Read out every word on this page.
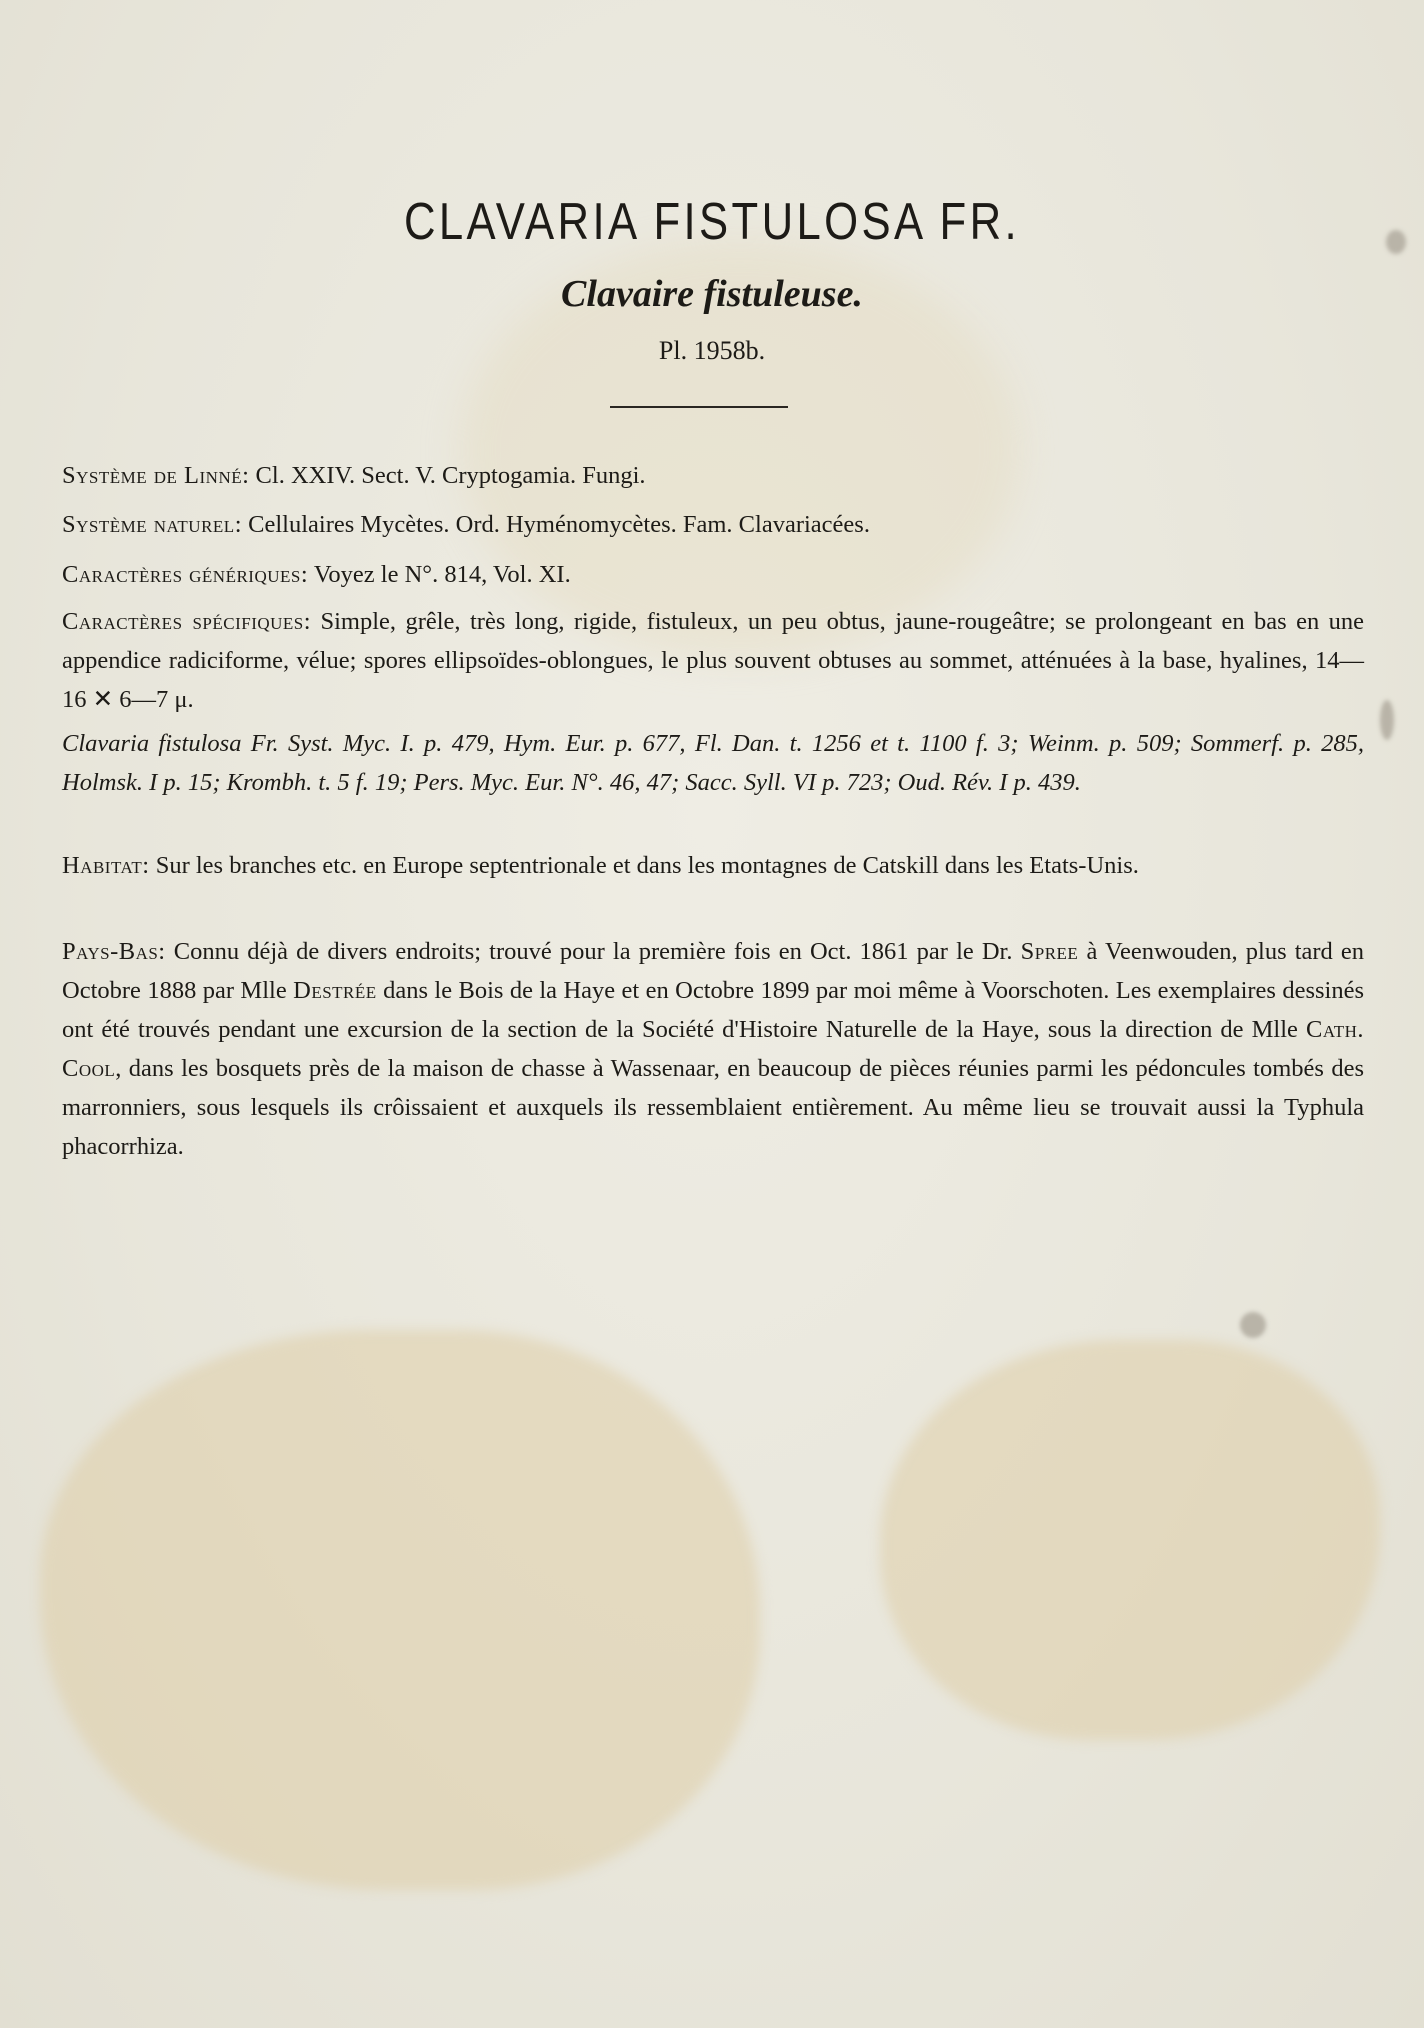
CLAVARIA FISTULOSA FR.
Clavaire fistuleuse.
Pl. 1958b.
Système de Linné: Cl. XXIV. Sect. V. Cryptogamia. Fungi.
Système naturel: Cellulaires Mycètes. Ord. Hyménomycètes. Fam. Clavariacées.
Caractères génériques: Voyez le N°. 814, Vol. XI.
Caractères spécifiques: Simple, grêle, très long, rigide, fistuleux, un peu obtus, jaune-rougeâtre; se prolongeant en bas en une appendice radiciforme, vélue; spores ellipsoïdes-oblongues, le plus souvent obtuses au sommet, atténuées à la base, hyalines, 14—16 ✕ 6—7 μ.
Clavaria fistulosa Fr. Syst. Myc. I. p. 479, Hym. Eur. p. 677, Fl. Dan. t. 1256 et t. 1100 f. 3; Weinm. p. 509; Sommerf. p. 285, Holmsk. I p. 15; Krombh. t. 5 f. 19; Pers. Myc. Eur. N°. 46, 47; Sacc. Syll. VI p. 723; Oud. Rév. I p. 439.
Habitat: Sur les branches etc. en Europe septentrionale et dans les montagnes de Catskill dans les Etats-Unis.
Pays-Bas: Connu déjà de divers endroits; trouvé pour la première fois en Oct. 1861 par le Dr. Spree à Veenwouden, plus tard en Octobre 1888 par Mlle Destrée dans le Bois de la Haye et en Octobre 1899 par moi même à Voorschoten. Les exemplaires dessinés ont été trouvés pendant une excursion de la section de la Société d'Histoire Naturelle de la Haye, sous la direction de Mlle Cath. Cool, dans les bosquets près de la maison de chasse à Wassenaar, en beaucoup de pièces réunies parmi les pédoncules tombés des marronniers, sous lesquels ils crôissaient et auxquels ils ressemblaient entièrement. Au même lieu se trouvait aussi la Typhula phacorrhiza.
